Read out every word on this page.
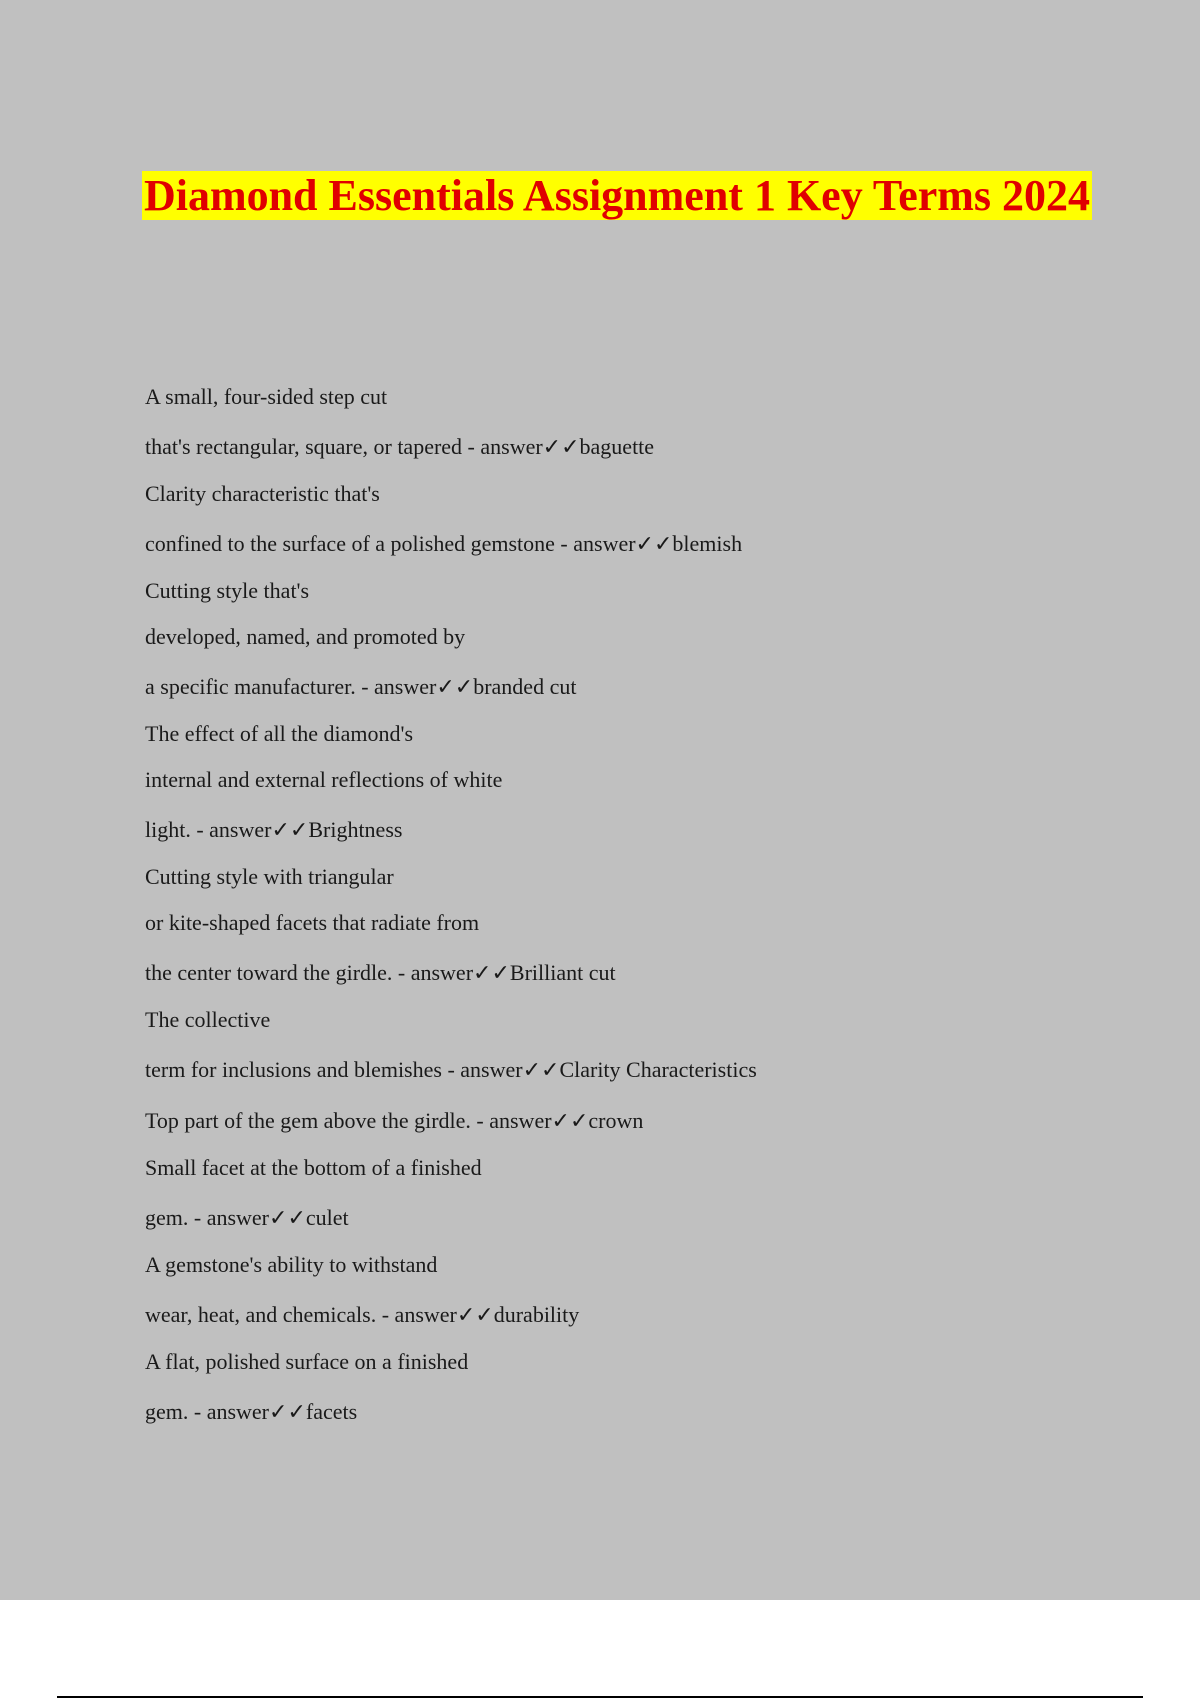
Diamond Essentials Assignment 1 Key Terms 2024
A small, four-sided step cut
that's rectangular, square, or tapered - answer✓✓baguette
Clarity characteristic that's
confined to the surface of a polished gemstone - answer✓✓blemish
Cutting style that's
developed, named, and promoted by
a specific manufacturer. - answer✓✓branded cut
The effect of all the diamond's
internal and external reflections of white
light. - answer✓✓Brightness
Cutting style with triangular
or kite-shaped facets that radiate from
the center toward the girdle. - answer✓✓Brilliant cut
The collective
term for inclusions and blemishes - answer✓✓Clarity Characteristics
Top part of the gem above the girdle. - answer✓✓crown
Small facet at the bottom of a finished
gem. - answer✓✓culet
A gemstone's ability to withstand
wear, heat, and chemicals. - answer✓✓durability
A flat, polished surface on a finished
gem. - answer✓✓facets
